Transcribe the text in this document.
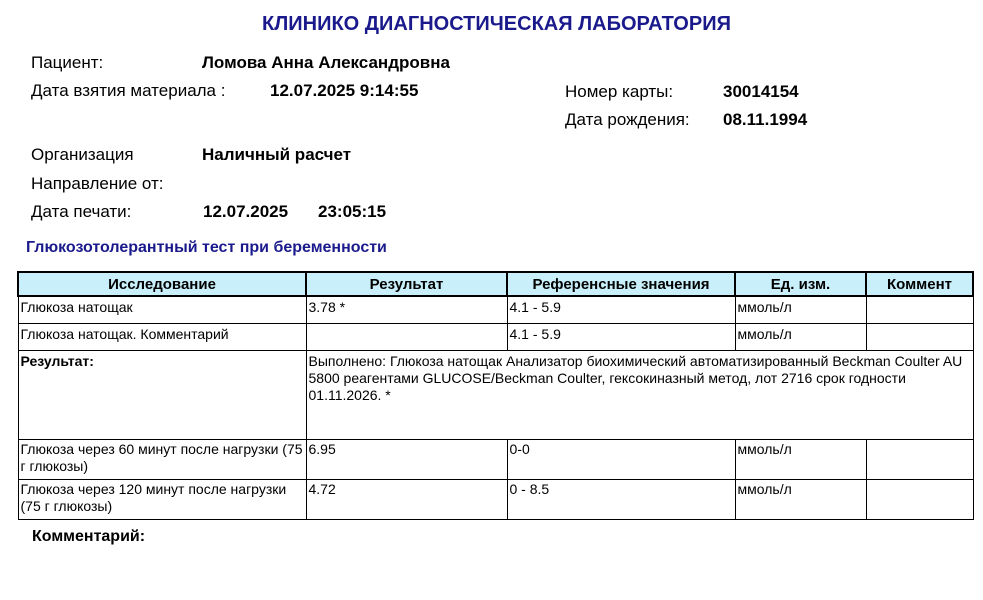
КЛИНИКО ДИАГНОСТИЧЕСКАЯ ЛАБОРАТОРИЯ
Пациент:	Ломова Анна Александровна
Дата взятия материала :	12.07.2025 9:14:55	Номер карты:	30014154
Дата рождения: 08.11.1994
Организация	Наличный расчет
Направление от:
Дата печати:	12.07.2025 23:05:15
Глюкозотолерантный тест при беременности
Исследование	Результат	Референсные значения	Ед. изм.	Коммент
Глюкоза натощак	3.78 *	4.1 - 5.9	ммоль/л	
Глюкоза натощак. Комментарий		4.1 - 5.9	ммоль/л	
Результат:	Выполнено: Глюкоза натощак Анализатор биохимический автоматизированный Beckman Coulter AU 5800 реагентами GLUCOSE/Beckman Coulter, гексокиназный метод, лот 2716 срок годности 01.11.2026. *			
Глюкоза через 60 минут после нагрузки (75 г глюкозы)	6.95	0-0	ммоль/л	
Глюкоза через 120 минут после нагрузки (75 г глюкозы)	4.72	0 - 8.5	ммоль/л	
Комментарий:
